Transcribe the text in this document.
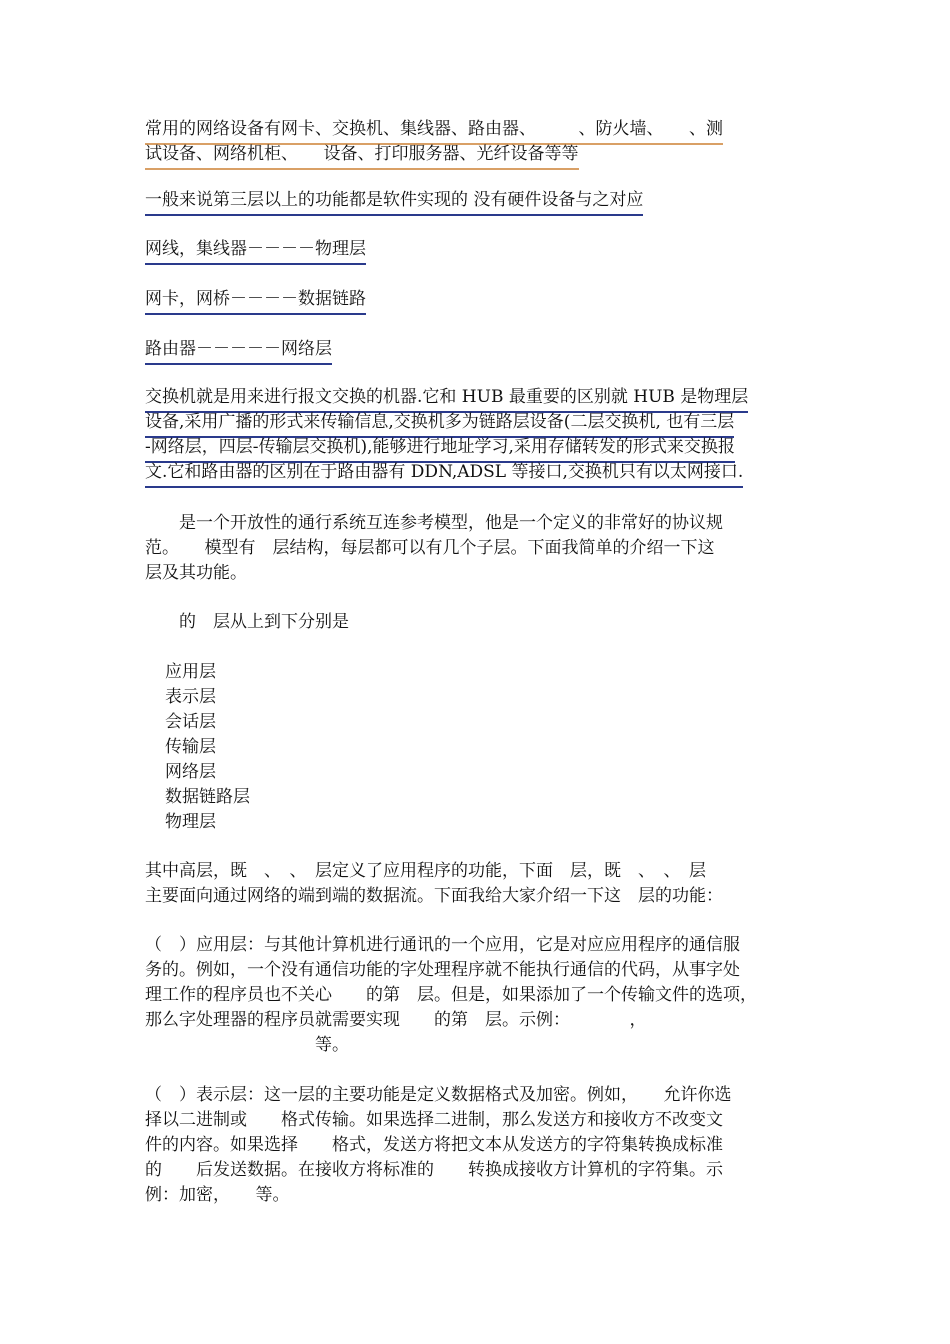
常用的网络设备有网卡、交换机、集线器、路由器、　　　、防火墙、　　、测
试设备、网络机柜、　　设备、打印服务器、光纤设备等等
一般来说第三层以上的功能都是软件实现的 没有硬件设备与之对应
网线，集线器－－－－物理层
网卡，网桥－－－－数据链路
路由器－－－－－网络层
交换机就是用来进行报文交换的机器.它和 HUB 最重要的区别就 HUB 是物理层
设备,采用广播的形式来传输信息,交换机多为链路层设备(二层交换机, 也有三层
-网络层，四层-传输层交换机),能够进行地址学习,采用存储转发的形式来交换报
文.它和路由器的区别在于路由器有 DDN,ADSL 等接口,交换机只有以太网接口.
　　是一个开放性的通行系统互连参考模型，他是一个定义的非常好的协议规
范。　　模型有　层结构，每层都可以有几个子层。下面我简单的介绍一下这
层及其功能。
　　的　层从上到下分别是
应用层
表示层
会话层
传输层
网络层
数据链路层
物理层
其中高层，既　、　、　层定义了应用程序的功能，下面　层，既　、　、　层
主要面向通过网络的端到端的数据流。下面我给大家介绍一下这　层的功能：
（　）应用层：与其他计算机进行通讯的一个应用，它是对应应用程序的通信服
务的。例如，一个没有通信功能的字处理程序就不能执行通信的代码，从事字处
理工作的程序员也不关心　　的第　层。但是，如果添加了一个传输文件的选项，
那么字处理器的程序员就需要实现　　的第　层。示例：　　　　，
　　　　　　　　　　等。
（　）表示层：这一层的主要功能是定义数据格式及加密。例如，　　允许你选
择以二进制或　　格式传输。如果选择二进制，那么发送方和接收方不改变文
件的内容。如果选择　　格式，发送方将把文本从发送方的字符集转换成标准
的　　后发送数据。在接收方将标准的　　转换成接收方计算机的字符集。示
例：加密，　　等。
